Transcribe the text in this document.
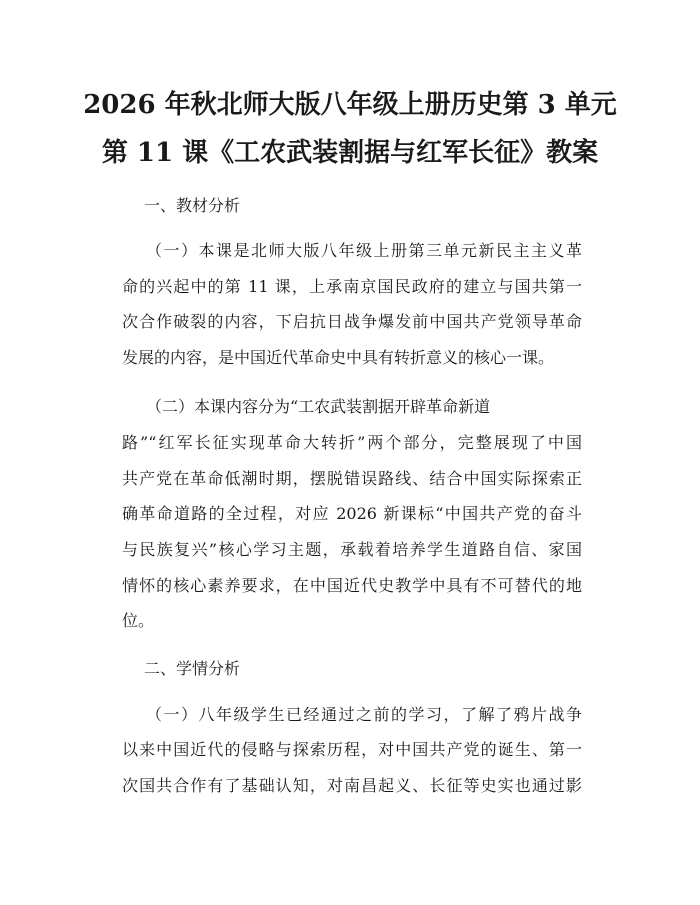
2026 年秋北师大版八年级上册历史第 3 单元
第 11 课《工农武装割据与红军长征》教案
一、教材分析
（一）本课是北师大版八年级上册第三单元新民主主义革
命的兴起中的第 11 课，上承南京国民政府的建立与国共第一
次合作破裂的内容，下启抗日战争爆发前中国共产党领导革命
发展的内容，是中国近代革命史中具有转折意义的核心一课。
（二）本课内容分为“工农武装割据开辟革命新道
路”“红军长征实现革命大转折”两个部分，完整展现了中国
共产党在革命低潮时期，摆脱错误路线、结合中国实际探索正
确革命道路的全过程，对应 2026 新课标“中国共产党的奋斗
与民族复兴”核心学习主题，承载着培养学生道路自信、家国
情怀的核心素养要求，在中国近代史教学中具有不可替代的地
位。
二、学情分析
（一）八年级学生已经通过之前的学习，了解了鸦片战争
以来中国近代的侵略与探索历程，对中国共产党的诞生、第一
次国共合作有了基础认知，对南昌起义、长征等史实也通过影
